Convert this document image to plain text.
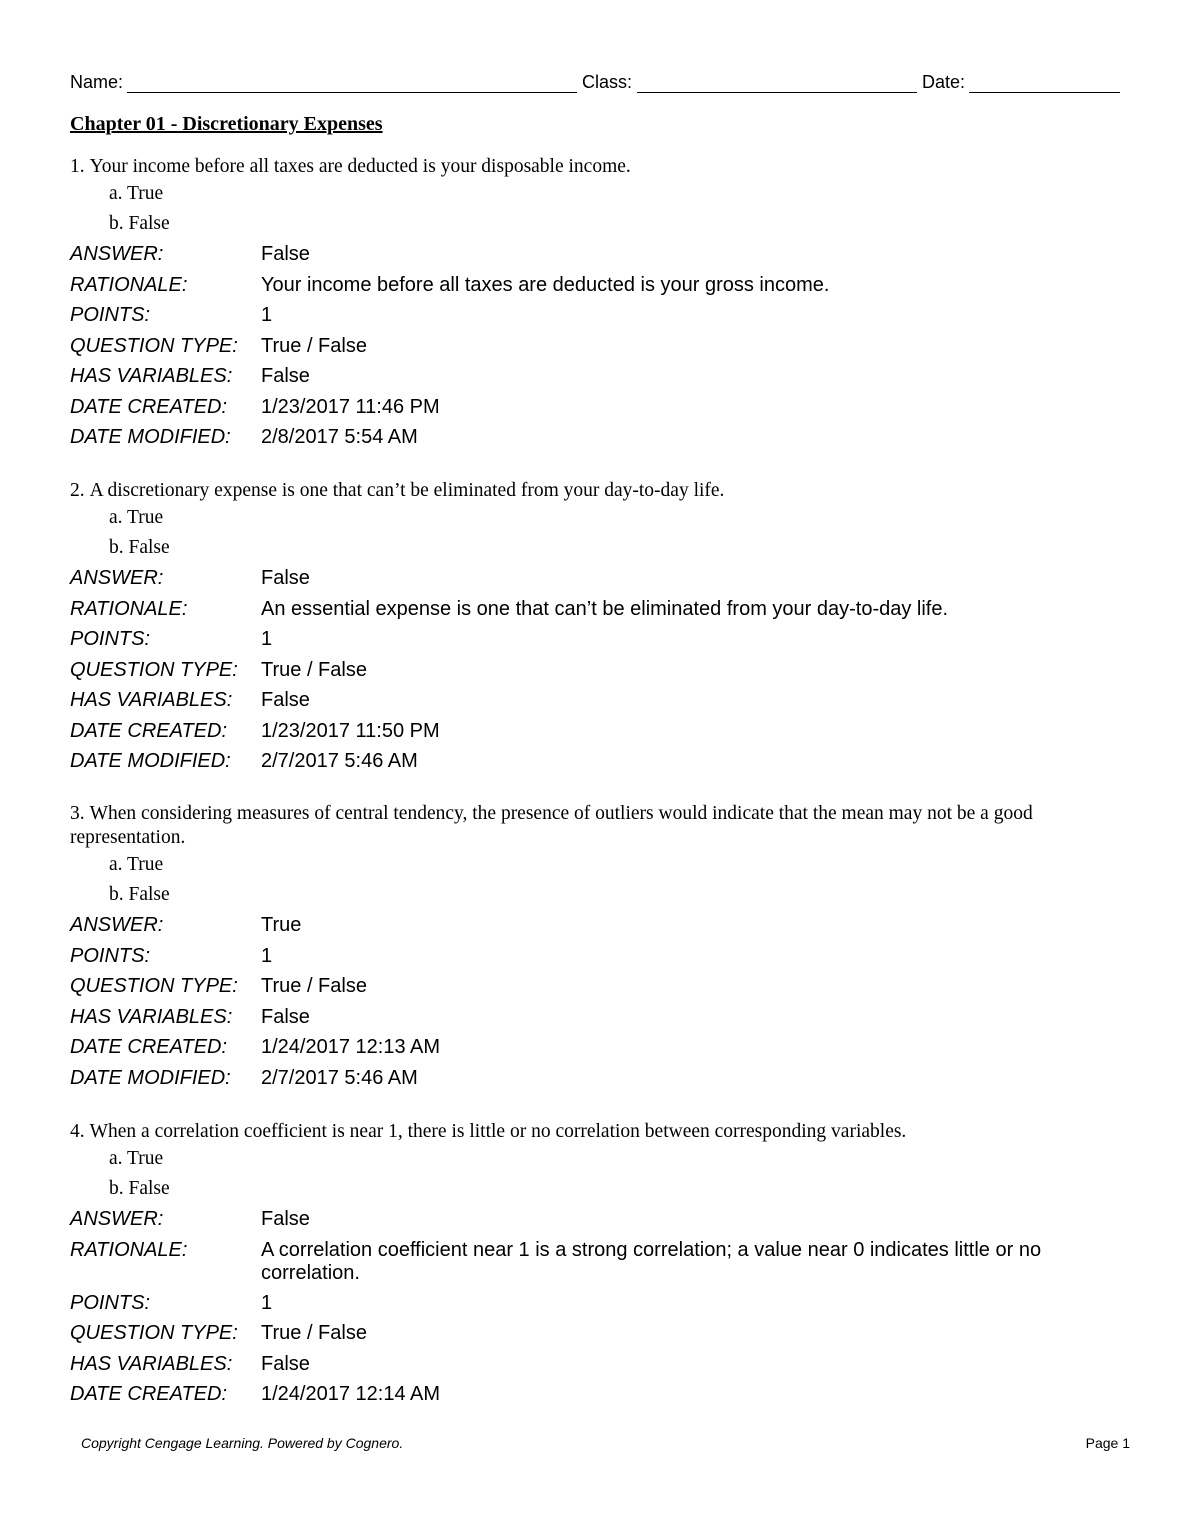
Name:	Class:	Date:
Chapter 01 - Discretionary Expenses
1. Your income before all taxes are deducted is your disposable income.
a. True
b. False
ANSWER:	False
RATIONALE:	Your income before all taxes are deducted is your gross income.
POINTS:	1
QUESTION TYPE:	True / False
HAS VARIABLES:	False
DATE CREATED:	1/23/2017 11:46 PM
DATE MODIFIED:	2/8/2017 5:54 AM
2. A discretionary expense is one that can’t be eliminated from your day-to-day life.
a. True
b. False
ANSWER:	False
RATIONALE:	An essential expense is one that can’t be eliminated from your day-to-day life.
POINTS:	1
QUESTION TYPE:	True / False
HAS VARIABLES:	False
DATE CREATED:	1/23/2017 11:50 PM
DATE MODIFIED:	2/7/2017 5:46 AM
3. When considering measures of central tendency, the presence of outliers would indicate that the mean may not be a good representation.
a. True
b. False
ANSWER:	True
POINTS:	1
QUESTION TYPE:	True / False
HAS VARIABLES:	False
DATE CREATED:	1/24/2017 12:13 AM
DATE MODIFIED:	2/7/2017 5:46 AM
4. When a correlation coefficient is near 1, there is little or no correlation between corresponding variables.
a. True
b. False
ANSWER:	False
RATIONALE:	A correlation coefficient near 1 is a strong correlation; a value near 0 indicates little or no correlation.
POINTS:	1
QUESTION TYPE:	True / False
HAS VARIABLES:	False
DATE CREATED:	1/24/2017 12:14 AM
Copyright Cengage Learning. Powered by Cognero.	Page 1
